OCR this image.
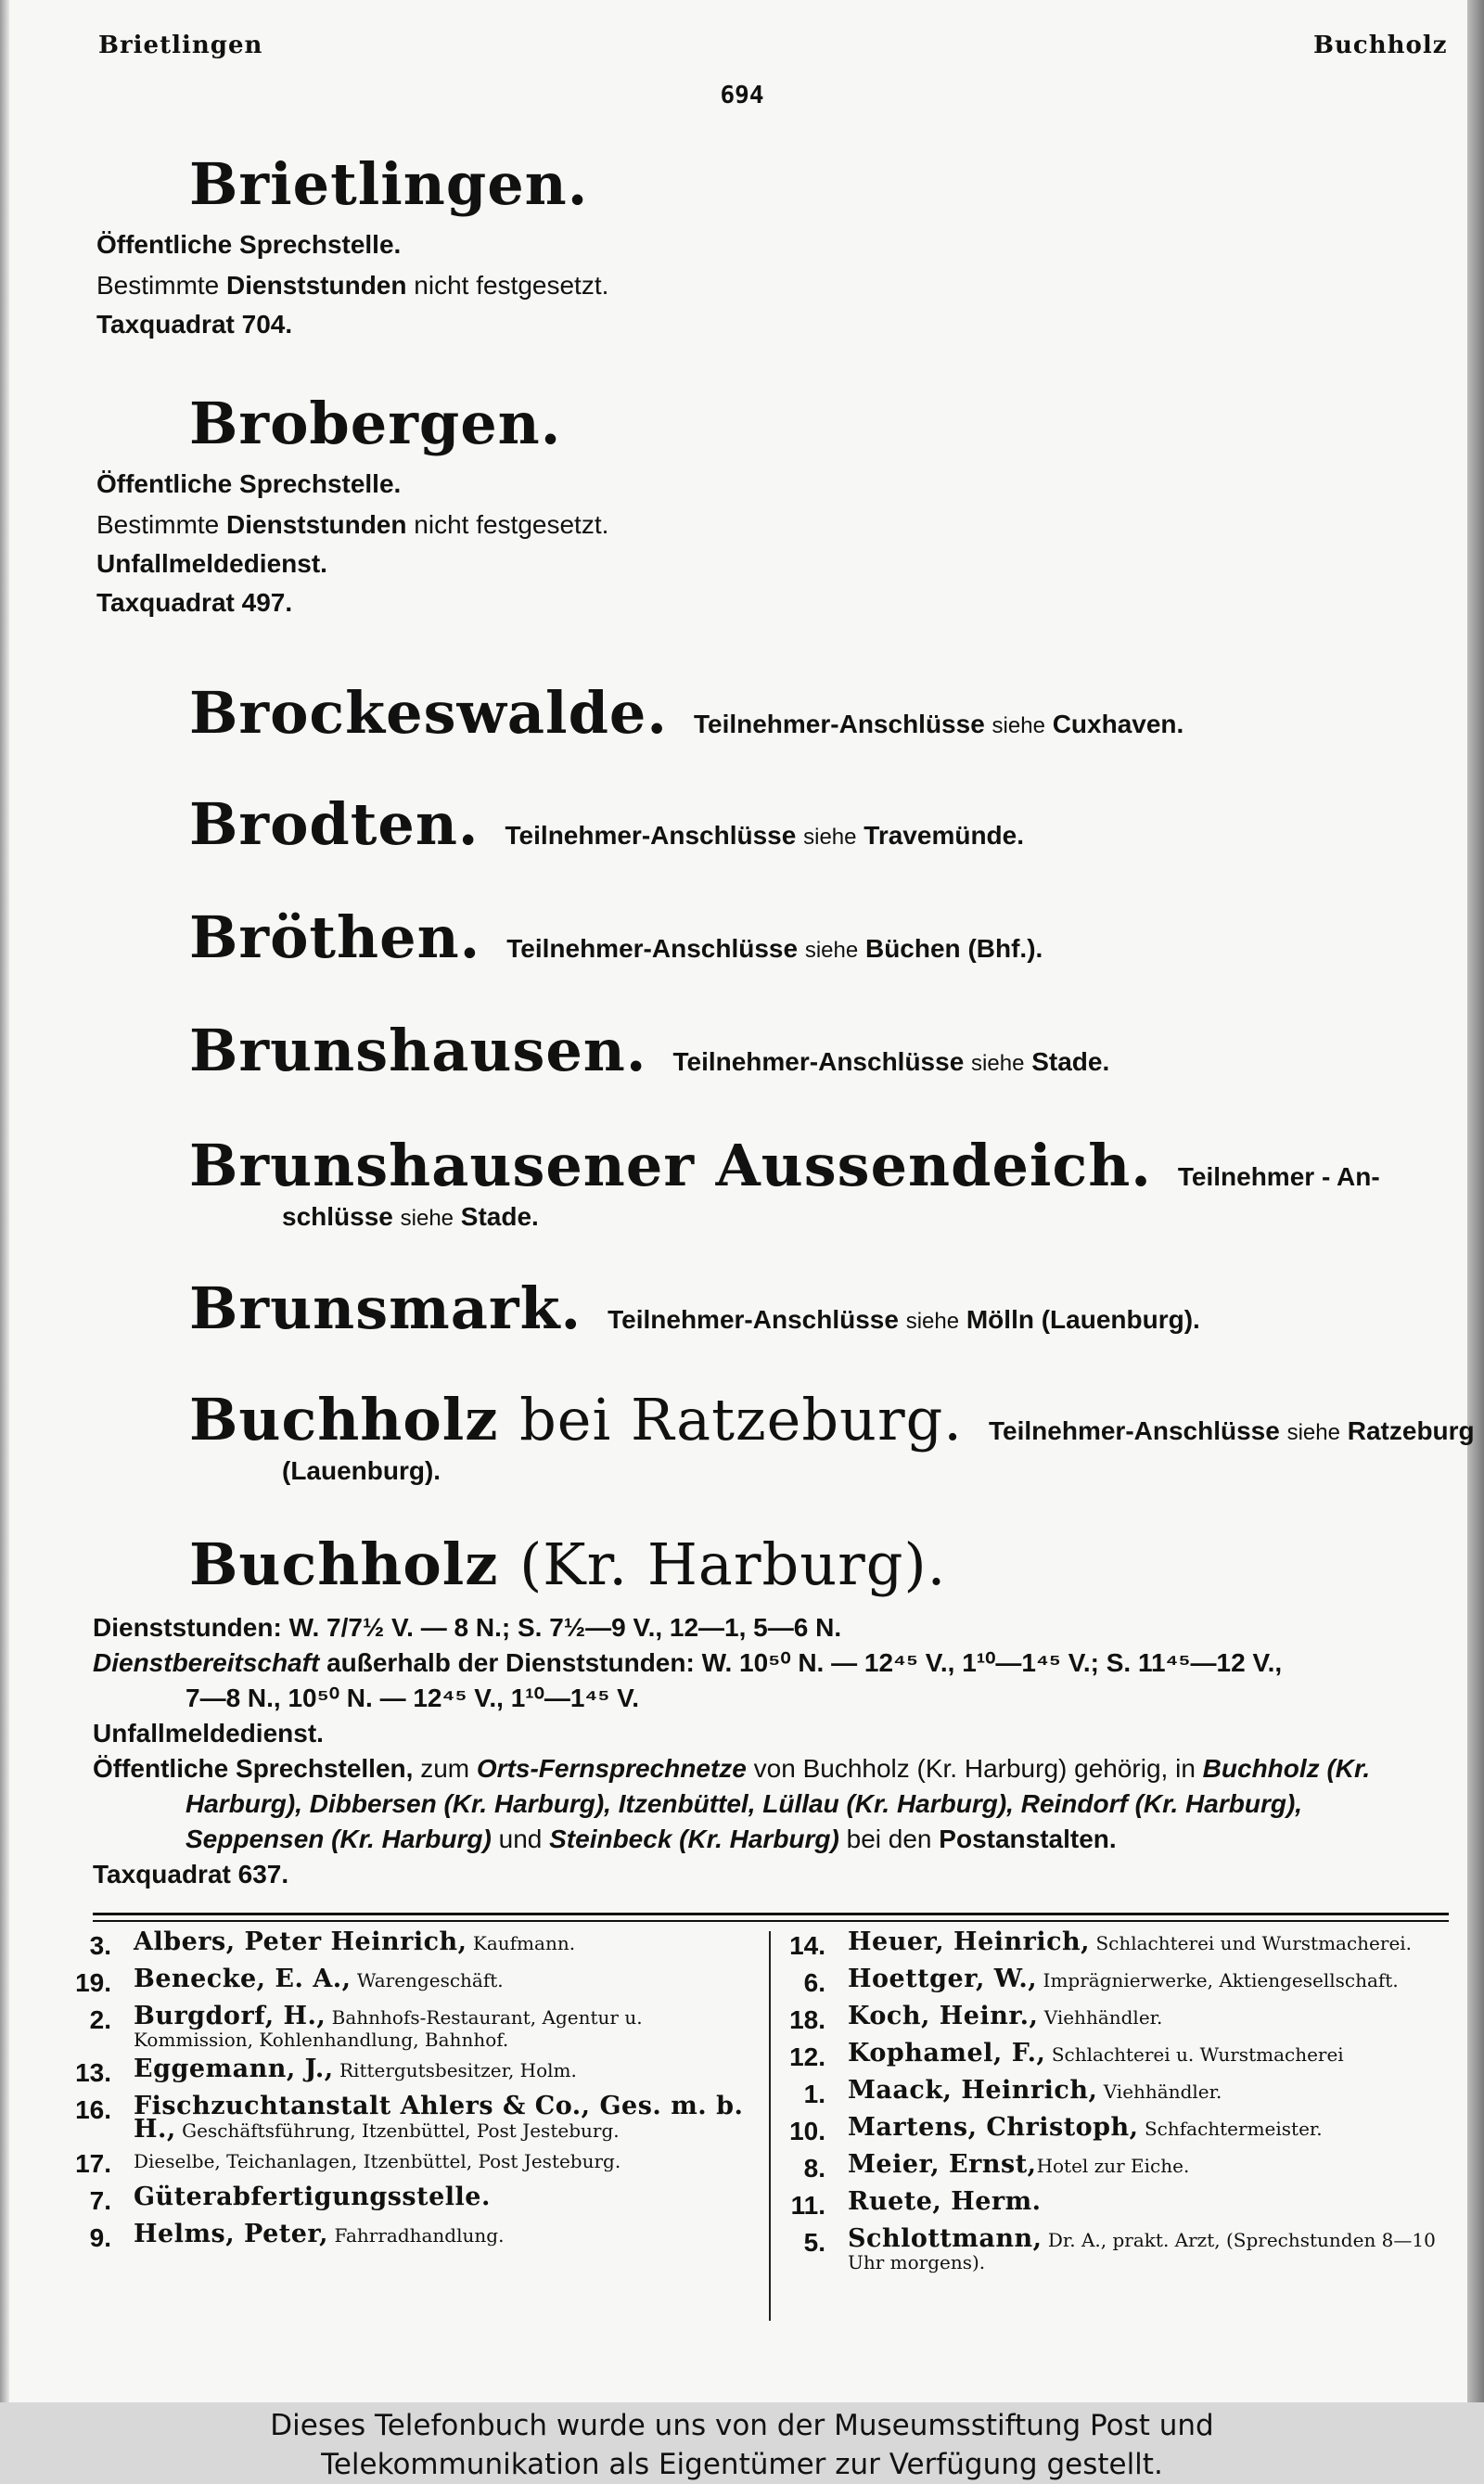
Brietlingen	Buchholz
694
Brietlingen.
Öffentliche Sprechstelle.
Bestimmte Dienststunden nicht festgesetzt.
Taxquadrat 704.
Brobergen.
Öffentliche Sprechstelle.
Bestimmte Dienststunden nicht festgesetzt.
Unfallmeldedienst.
Taxquadrat 497.
Brockeswalde. Teilnehmer-Anschlüsse siehe Cuxhaven.
Brodten. Teilnehmer-Anschlüsse siehe Travemünde.
Bröthen. Teilnehmer-Anschlüsse siehe Büchen (Bhf.).
Brunshausen. Teilnehmer-Anschlüsse siehe Stade.
Brunshausener Aussendeich. Teilnehmer - An-
schlüsse siehe Stade.
Brunsmark. Teilnehmer-Anschlüsse siehe Mölln (Lauenburg).
Buchholz bei Ratzeburg. Teilnehmer-Anschlüsse siehe Ratzeburg
(Lauenburg).
Buchholz (Kr. Harburg).

Dienststunden: W. 7/7½ V. — 8 N.; S. 7½—9 V., 12—1, 5—6 N.

Dienstbereitschaft außerhalb der Dienststunden: W. 10⁵⁰ N. — 12⁴⁵ V., 1¹⁰—1⁴⁵ V.; S. 11⁴⁵—12 V.,

7—8 N., 10⁵⁰ N. — 12⁴⁵ V., 1¹⁰—1⁴⁵ V.

Unfallmeldedienst.

Öffentliche Sprechstellen, zum Orts-Fernsprechnetze von Buchholz (Kr. Harburg) gehörig, in Buchholz (Kr. Harburg), Dibbersen (Kr. Harburg), Itzenbüttel, Lüllau (Kr. Harburg), Reindorf (Kr. Harburg), Seppensen (Kr. Harburg) und Steinbeck (Kr. Harburg) bei den Postanstalten.

Taxquadrat 637.

3. Albers, Peter Heinrich, Kaufmann.
19. Benecke, E. A., Warengeschäft.
2. Burgdorf, H., Bahnhofs-Restaurant, Agentur u. Kommission, Kohlenhandlung, Bahnhof.
13. Eggemann, J., Rittergutsbesitzer, Holm.
16. Fischzuchtanstalt Ahlers & Co., Ges. m. b. H., Geschäftsführung, Itzenbüttel, Post Jesteburg.
17.	Dieselbe, Teichanlagen, Itzenbüttel, Post Jesteburg.
7. Güterabfertigungsstelle.
9. Helms, Peter, Fahrradhandlung.
14. Heuer, Heinrich, Schlachterei und Wurstmacherei.
6. Hoettger, W., Imprägnierwerke, Aktiengesellschaft.
18. Koch, Heinr., Viehhändler.
12. Kophamel, F., Schlachterei u. Wurstmacherei
1. Maack, Heinrich, Viehhändler.
10. Martens, Christoph, Schfachtermeister.
8. Meier, Ernst,Hotel zur Eiche.
11. Ruete, Herm.
5. Schlottmann, Dr. A., prakt. Arzt, (Sprechstunden 8—10 Uhr morgens).
Dieses Telefonbuch wurde uns von der Museumsstiftung Post und
Telekommunikation als Eigentümer zur Verfügung gestellt.
